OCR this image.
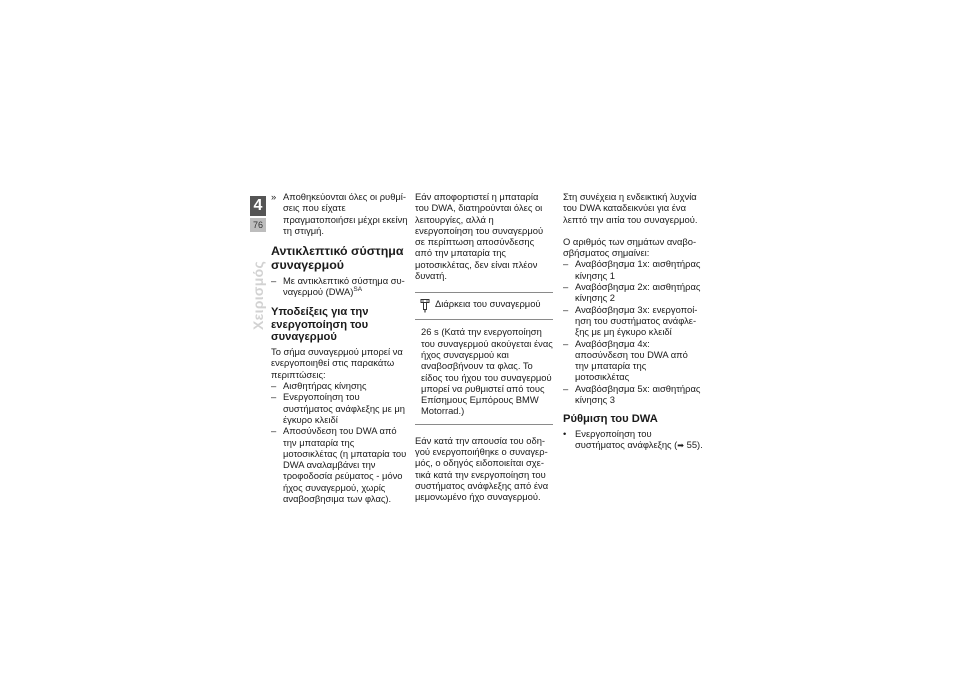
4
76
Χειρισμός
» Αποθηκεύονται όλες οι ρυθμίσεις που είχατε πραγματοποιήσει μέχρι εκείνη τη στιγμή.
Αντικλεπτικό σύστημα συναγερμού
– Με αντικλεπτικό σύστημα συναγερμού (DWA)$^{SA}$
Υποδείξεις για την ενεργοποίηση του συναγερμού
Το σήμα συναγερμού μπορεί να ενεργοποιηθεί στις παρακάτω περιπτώσεις:
– Αισθητήρας κίνησης
– Ενεργοποίηση του συστήματος ανάφλεξης με μη έγκυρο κλειδί
– Αποσύνδεση του DWA από την μπαταρία της μοτοσικλέτας (η μπαταρία του DWA αναλαμβάνει την τροφοδοσία ρεύματος - μόνο ήχος συναγερμού, χωρίς αναβοσβησιμα των φλας).
Εάν αποφορτιστεί η μπαταρία του DWA, διατηρούνται όλες οι λειτουργίες, αλλά η ενεργοποίηση του συναγερμού σε περίπτωση αποσύνδεσης από την μπαταρία της μοτοσικλέτας, δεν είναι πλέον δυνατή.
Διάρκεια του συναγερμού
26 s (Κατά την ενεργοποίηση του συναγερμού ακούγεται ένας ήχος συναγερμού και αναβοσβήνουν τα φλας. Το είδος του ήχου του συναγερμού μπορεί να ρυθμιστεί από τους Επίσημους Εμπόρους BMW Motorrad.)
Εάν κατά την απουσία του οδηγού ενεργοποιήθηκε ο συναγερμός, ο οδηγός ειδοποιείται σχετικά κατά την ενεργοποίηση του συστήματος ανάφλεξης από ένα μεμονωμένο ήχο συναγερμού.
Στη συνέχεια η ενδεικτική λυχνία του DWA καταδεικνύει για ένα λεπτό την αιτία του συναγερμού.
Ο αριθμός των σημάτων αναβοσβήσματος σημαίνει:
– Αναβόσβησμα 1x: αισθητήρας κίνησης 1
– Αναβόσβησμα 2x: αισθητήρας κίνησης 2
– Αναβόσβησμα 3x: ενεργοποίηση του συστήματος ανάφλεξης με μη έγκυρο κλειδί
– Αναβόσβησμα 4x: αποσύνδεση του DWA από την μπαταρία της μοτοσικλέτας
– Αναβόσβησμα 5x: αισθητήρας κίνησης 3
Ρύθμιση του DWA
• Ενεργοποίηση του συστήματος ανάφλεξης (➡ 55).
